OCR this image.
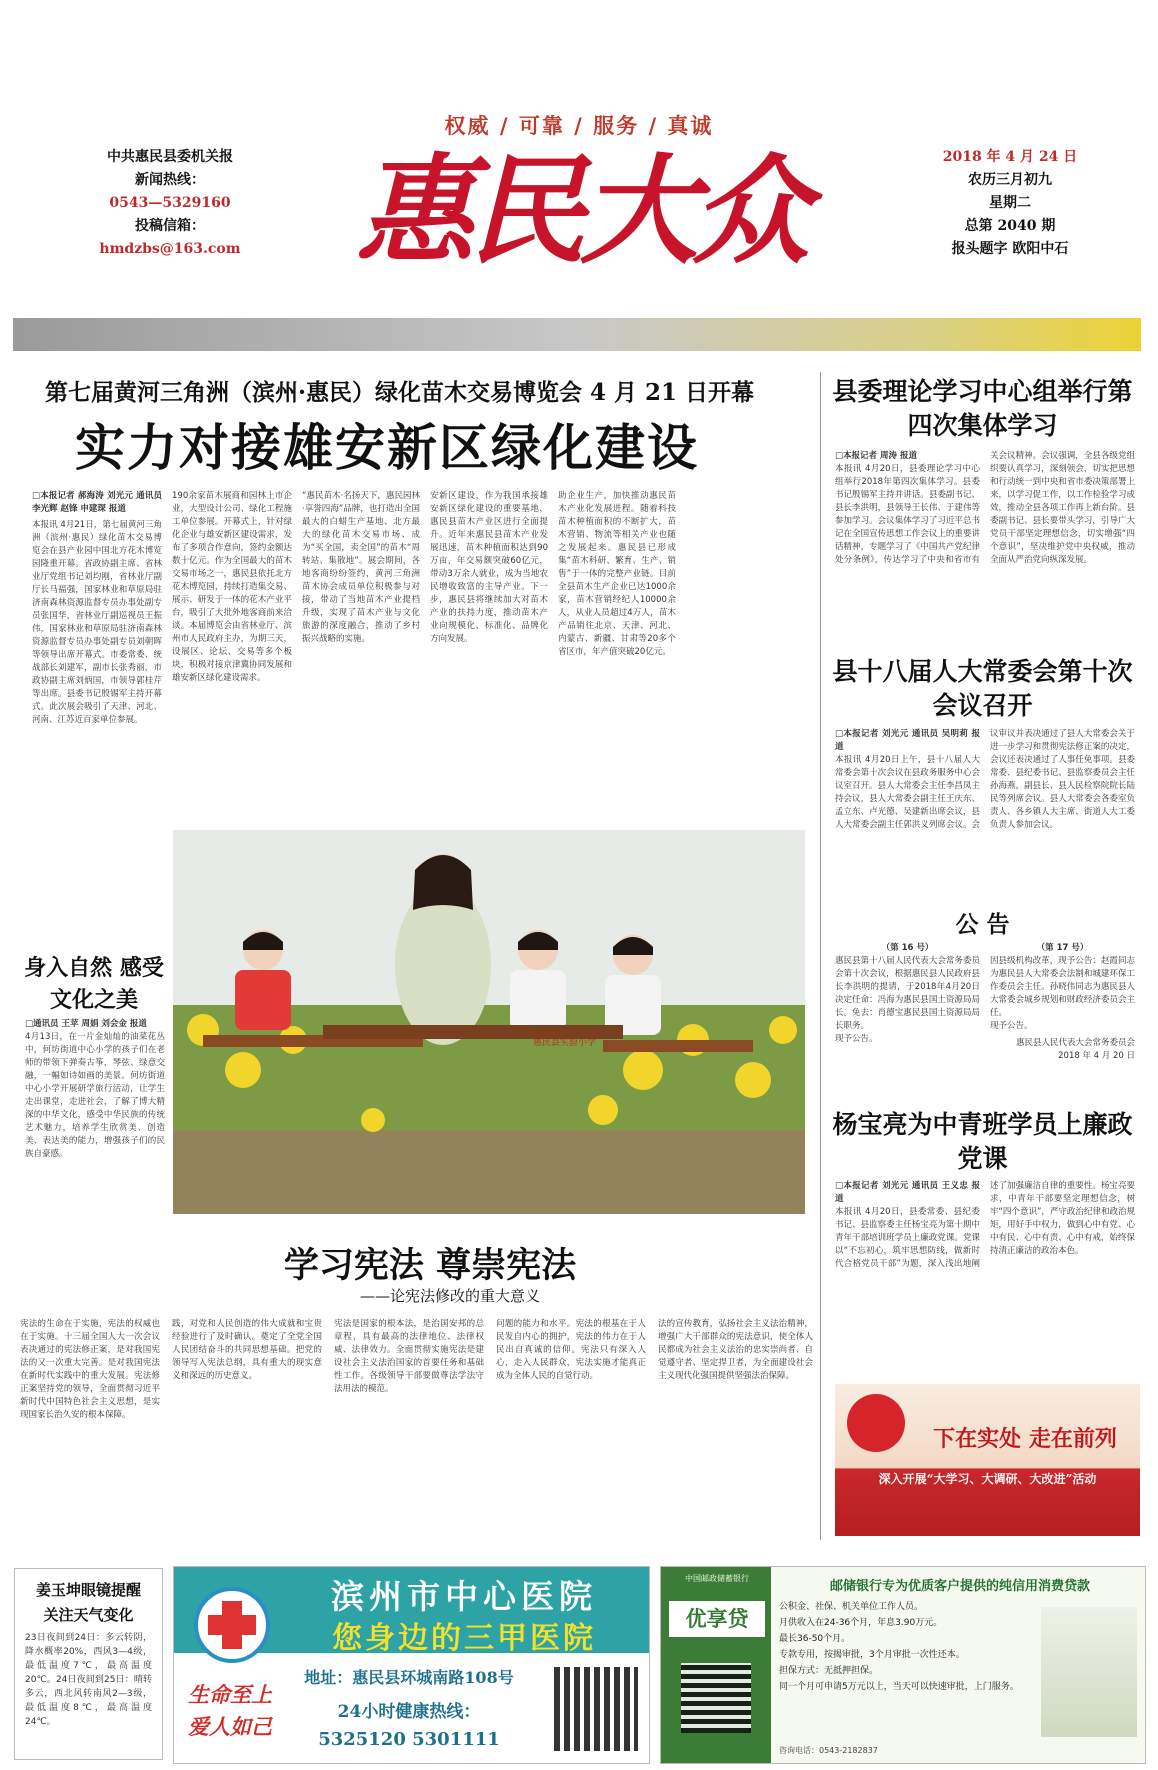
权威 / 可靠 / 服务 / 真诚
中共惠民县委机关报
新闻热线：
0543—5329160
投稿信箱：
hmdzbs@163.com 惠民大众	2018 年 4 月 24 日
农历三月初九
星期二
总第 2040 期
报头题字 欧阳中石
第七届黄河三角洲（滨州·惠民）绿化苗木交易博览会 4 月 21 日开幕
实力对接雄安新区绿化建设
□本报记者 郝海涛 刘光元 通讯员 李光辉 赵锋 申建琛 报道
本报讯 4月21日，第七届黄河三角洲（滨州·惠民）绿化苗木交易博览会在县产业园中国北方花木博览园隆重开幕。省政协副主席、省林业厅党组书记刘均刚，省林业厅副厅长马福强，国家林业和草原局驻济南森林资源监督专员办事处副专员张国华，省林业厅副巡视员王振伟，国家林业和草原局驻济南森林资源监督专员办事处副专员刘朝晖等领导出席开幕式。市委常委、统战部长刘建军，副市长张秀丽，市政协副主席刘炳国，市领导郭桂芹等出席。县委书记殷锡军主持开幕式。此次展会吸引了天津、河北、河南、江苏近百家单位参展。
190余家苗木展商和园林上市企业，大型设计公司、绿化工程施工单位参展。开幕式上，针对绿化企业与雄安新区建设需求，发布了多项合作意向，签约金额达数十亿元。作为全国最大的苗木交易市场之一，惠民县依托北方花木博览园，持续打造集交易、展示、研发于一体的花木产业平台，吸引了大批外地客商前来洽谈。本届博览会由省林业厅、滨州市人民政府主办，为期三天，设展区、论坛、交易等多个板块，积极对接京津冀协同发展和雄安新区绿化建设需求。
“惠民苗木·名扬天下，惠民园林·享誉四海”品牌，也打造出全国最大的白蜡生产基地、北方最大的绿化苗木交易市场、成为“买全国，卖全国”的苗木“周转站、集散地”。展会期间，各地客商纷纷签约，黄河三角洲苗木协会成员单位积极参与对接，带动了当地苗木产业提档升级，实现了苗木产业与文化旅游的深度融合，推动了乡村振兴战略的实施。
安新区建设，作为我国承接雄安新区绿化建设的重要基地，惠民县苗木产业区进行全面提升。近年来惠民县苗木产业发展迅速，苗木种植面积达到90万亩，年交易额突破60亿元，带动3万余人就业，成为当地农民增收致富的主导产业。下一步，惠民县将继续加大对苗木产业的扶持力度，推动苗木产业向规模化、标准化、品牌化方向发展。
助企业生产，加快推动惠民苗木产业化发展进程。随着科技苗木种植面积的不断扩大，苗木营销、物流等相关产业也随之发展起来。惠民县已形成集“苗木科研、繁育、生产、销售”于一体的完整产业链。目前全县苗木生产企业已达1000余家，苗木营销经纪人10000余人，从业人员超过4万人，苗木产品销往北京、天津、河北、内蒙古、新疆、甘肃等20多个省区市，年产值突破20亿元。
县委理论学习中心组举行第四次集体学习
□本报记者 周涛 报道
本报讯 4月20日，县委理论学习中心组举行2018年第四次集体学习。县委书记殷锡军主持并讲话。县委副书记、县长李洪明，县领导王长伟、于建伟等参加学习。会议集体学习了习近平总书记在全国宣传思想工作会议上的重要讲话精神，专题学习了《中国共产党纪律处分条例》，传达学习了中央和省市有关会议精神。会议强调，全县各级党组织要认真学习，深刻领会，切实把思想和行动统一到中央和省市委决策部署上来，以学习促工作，以工作检验学习成效，推动全县各项工作再上新台阶。县委副书记、县长要带头学习，引导广大党员干部坚定理想信念，切实增强“四个意识”，坚决维护党中央权威，推动全面从严治党向纵深发展。
县十八届人大常委会第十次会议召开
□本报记者 刘光元 通讯员 吴明莉 报道
本报讯 4月20日上午，县十八届人大常委会第十次会议在县政务服务中心会议室召开。县人大常委会主任李昌凤主持会议，县人大常委会副主任王庆东、孟立东、卢光德、吴建新出席会议，县人大常委会副主任郭洪义列席会议。会议审议并表决通过了县人大常委会关于进一步学习和贯彻宪法修正案的决定，会议还表决通过了人事任免事项。县委常委、县纪委书记、县监察委员会主任孙海燕，副县长、县人民检察院院长陆民等列席会议。县人大常委会各委室负责人、各乡镇人大主席、街道人大工委负责人参加会议。
公 告
（第 16 号）
惠民县第十八届人民代表大会常务委员会第十次会议，根据惠民县人民政府县长李洪明的提请，于2018年4月20日决定任命：冯海为惠民县国土资源局局长。免去：肖德宝惠民县国土资源局局长职务。
现予公告。
（第 17 号）
因县级机构改革，现予公告：赵霞同志为惠民县人大常委会法制和城建环保工作委员会主任。孙晓伟同志为惠民县人大常委会城乡规划和财政经济委员会主任。
现予公告。
惠民县人民代表大会常务委员会
2018 年 4 月 20 日
杨宝亮为中青班学员上廉政党课
□本报记者 刘光元 通讯员 王义忠 报道
本报讯 4月20日，县委常委、县纪委书记、县监察委主任杨宝亮为第十期中青年干部培训班学员上廉政党课。党课以“不忘初心，筑牢思想防线，做新时代合格党员干部”为题，深入浅出地阐述了加强廉洁自律的重要性。杨宝亮要求，中青年干部要坚定理想信念，树牢“四个意识”，严守政治纪律和政治规矩，用好手中权力，做到心中有党、心中有民、心中有责、心中有戒，始终保持清正廉洁的政治本色。
下在实处 走在前列
深入开展“大学习、大调研、大改进”活动
身入自然 感受文化之美
□通讯员 王苹 周娟 刘会金 报道
4月13日，在一片金灿灿的油菜花丛中，何坊街道中心小学的孩子们在老师的带领下弹奏古筝，琴弦、绿意交融，一幅如诗如画的美景。何坊街道中心小学开展研学旅行活动，让学生走出课堂，走进社会，了解了博大精深的中华文化，感受中华民族的传统艺术魅力，培养学生欣赏美、创造美、表达美的能力，增强孩子们的民族自豪感。
惠民县实验小学
学习宪法 尊崇宪法
——论宪法修改的重大意义
宪法的生命在于实施，宪法的权威也在于实施。十三届全国人大一次会议表决通过的宪法修正案，是对我国宪法的又一次重大完善。是对我国宪法在新时代实践中的重大发展。宪法修正案坚持党的领导，全面贯彻习近平新时代中国特色社会主义思想，是实现国家长治久安的根本保障。
践，对党和人民创造的伟大成就和宝贵经验进行了及时确认。奠定了全党全国人民团结奋斗的共同思想基础。把党的领导写入宪法总纲，具有重大的现实意义和深远的历史意义。
宪法是国家的根本法，是治国安邦的总章程，具有最高的法律地位、法律权威、法律效力。全面贯彻实施宪法是建设社会主义法治国家的首要任务和基础性工作。各级领导干部要做尊法学法守法用法的模范。
问题的能力和水平。宪法的根基在于人民发自内心的拥护，宪法的伟力在于人民出自真诚的信仰。宪法只有深入人心，走入人民群众，宪法实施才能真正成为全体人民的自觉行动。
法的宣传教育，弘扬社会主义法治精神，增强广大干部群众的宪法意识，使全体人民都成为社会主义法治的忠实崇尚者、自觉遵守者、坚定捍卫者，为全面建设社会主义现代化强国提供坚强法治保障。
姜玉坤眼镜提醒
关注天气变化
23日夜间到24日：多云转阴，降水概率20%，西风3—4级，最低温度7℃，最高温度20℃。24日夜间到25日：晴转多云，西北风转南风2—3级，最低温度8℃，最高温度24℃。
滨州市中心医院
您身边的三甲医院
生命至上
爱人如己
地址：惠民县环城南路108号
24小时健康热线：
5325120 5301111
中国邮政储蓄银行
优享贷
邮储银行专为优质客户提供的纯信用消费贷款
公积金、社保、机关单位工作人员。
月供收入在24-36个月，年息3.90万元。
最长36-50个月。
专款专用，按揭审批，3个月审批一次性还本。
担保方式：无抵押担保。
同一个月可申请5万元以上，当天可以快速审批，上门服务。
咨询电话：0543-2182837
